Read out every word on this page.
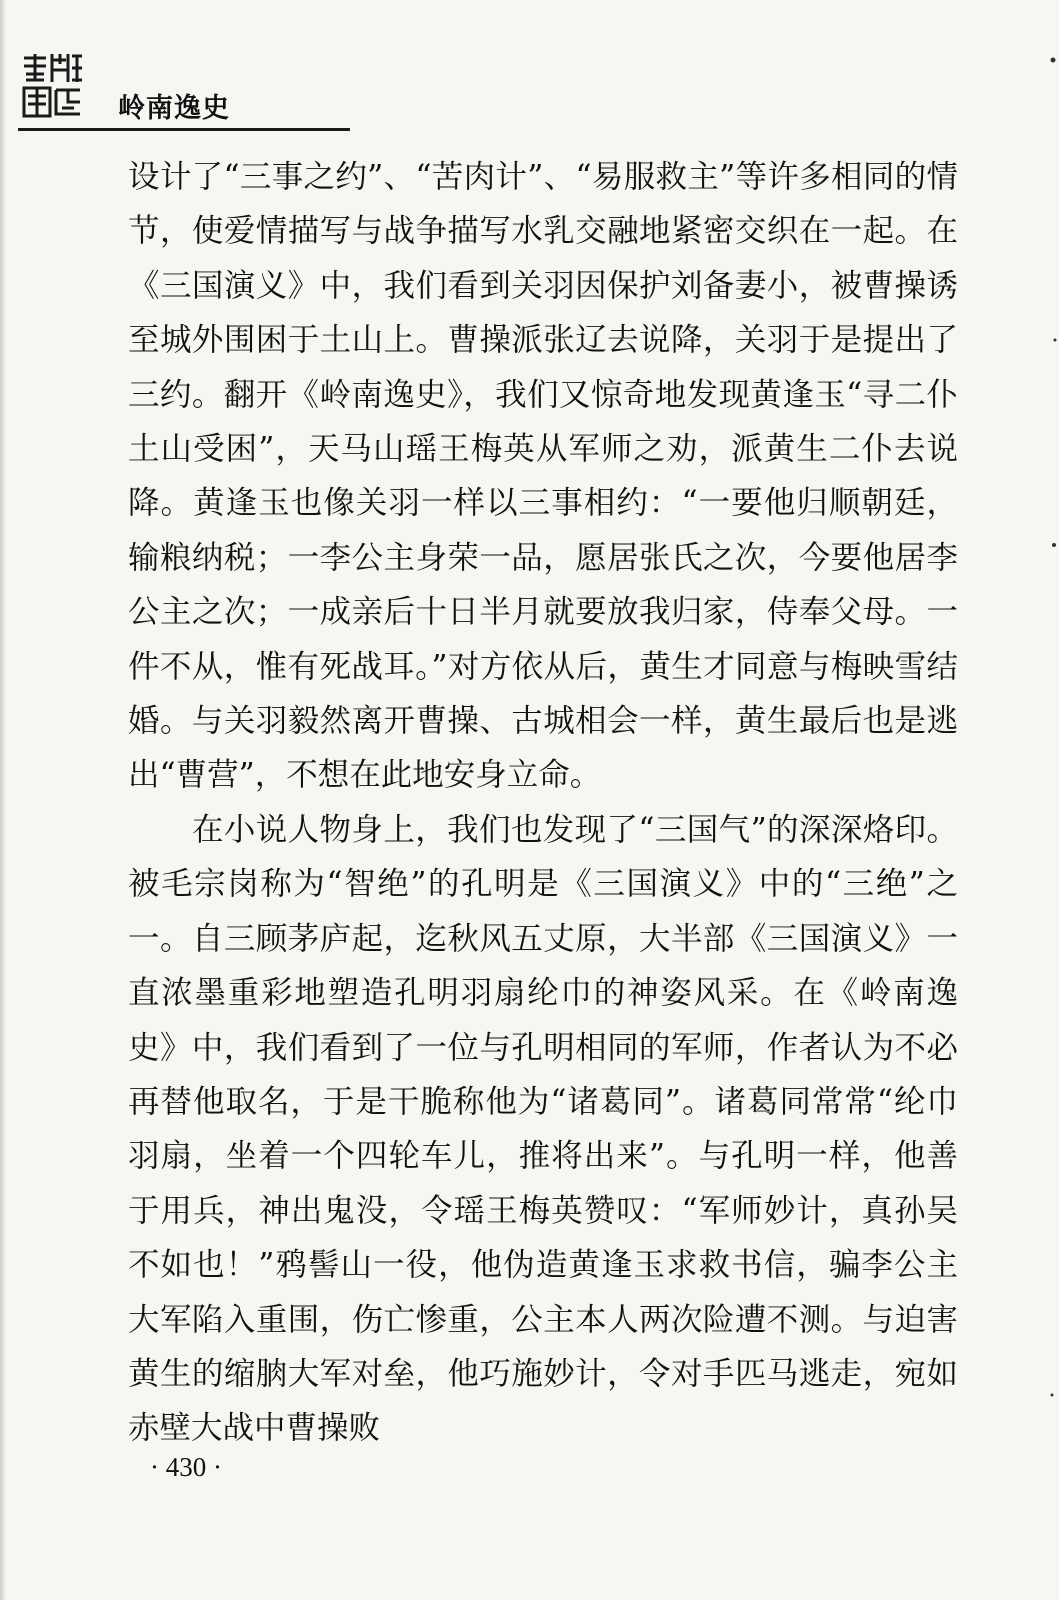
岭南逸史

设计了“三事之约”、“苦肉计”、“易服救主”等许多相同的情节，使爱情描写与战争描写水乳交融地紧密交织在一起。在《三国演义》中，我们看到关羽因保护刘备妻小，被曹操诱至城外围困于土山上。曹操派张辽去说降，关羽于是提出了三约。翻开《岭南逸史》，我们又惊奇地发现黄逢玉“寻二仆土山受困”，天马山瑶王梅英从军师之劝，派黄生二仆去说降。黄逢玉也像关羽一样以三事相约：“一要他归顺朝廷，输粮纳税；一李公主身荣一品，愿居张氏之次，今要他居李公主之次；一成亲后十日半月就要放我归家，侍奉父母。一件不从，惟有死战耳。”对方依从后，黄生才同意与梅映雪结婚。与关羽毅然离开曹操、古城相会一样，黄生最后也是逃出“曹营”，不想在此地安身立命。

在小说人物身上，我们也发现了“三国气”的深深烙印。被毛宗岗称为“智绝”的孔明是《三国演义》中的“三绝”之一。自三顾茅庐起，迄秋风五丈原，大半部《三国演义》一直浓墨重彩地塑造孔明羽扇纶巾的神姿风采。在《岭南逸史》中，我们看到了一位与孔明相同的军师，作者认为不必再替他取名，于是干脆称他为“诸葛同”。诸葛同常常“纶巾羽扇，坐着一个四轮车儿，推将出来”。与孔明一样，他善于用兵，神出鬼没，令瑶王梅英赞叹：“军师妙计，真孙吴不如也！”鸦髻山一役，他伪造黄逢玉求救书信，骗李公主大军陷入重围，伤亡惨重，公主本人两次险遭不测。与迫害黄生的缩朒大军对垒，他巧施妙计，令对手匹马逃走，宛如赤壁大战中曹操败

· 430 ·
